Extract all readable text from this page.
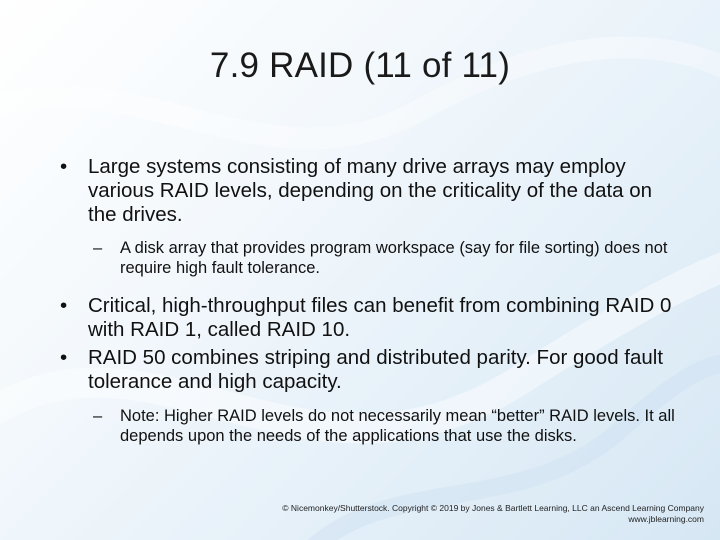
7.9 RAID (11 of 11)
• Large systems consisting of many drive arrays may employ various RAID levels, depending on the criticality of the data on the drives.
– A disk array that provides program workspace (say for file sorting) does not require high fault tolerance.
• Critical, high-throughput files can benefit from combining RAID 0 with RAID 1, called RAID 10.
• RAID 50 combines striping and distributed parity. For good fault tolerance and high capacity.
– Note: Higher RAID levels do not necessarily mean “better” RAID levels. It all depends upon the needs of the applications that use the disks.
© Nicemonkey/Shutterstock. Copyright © 2019 by Jones & Bartlett Learning, LLC an Ascend Learning Company
www.jblearning.com
